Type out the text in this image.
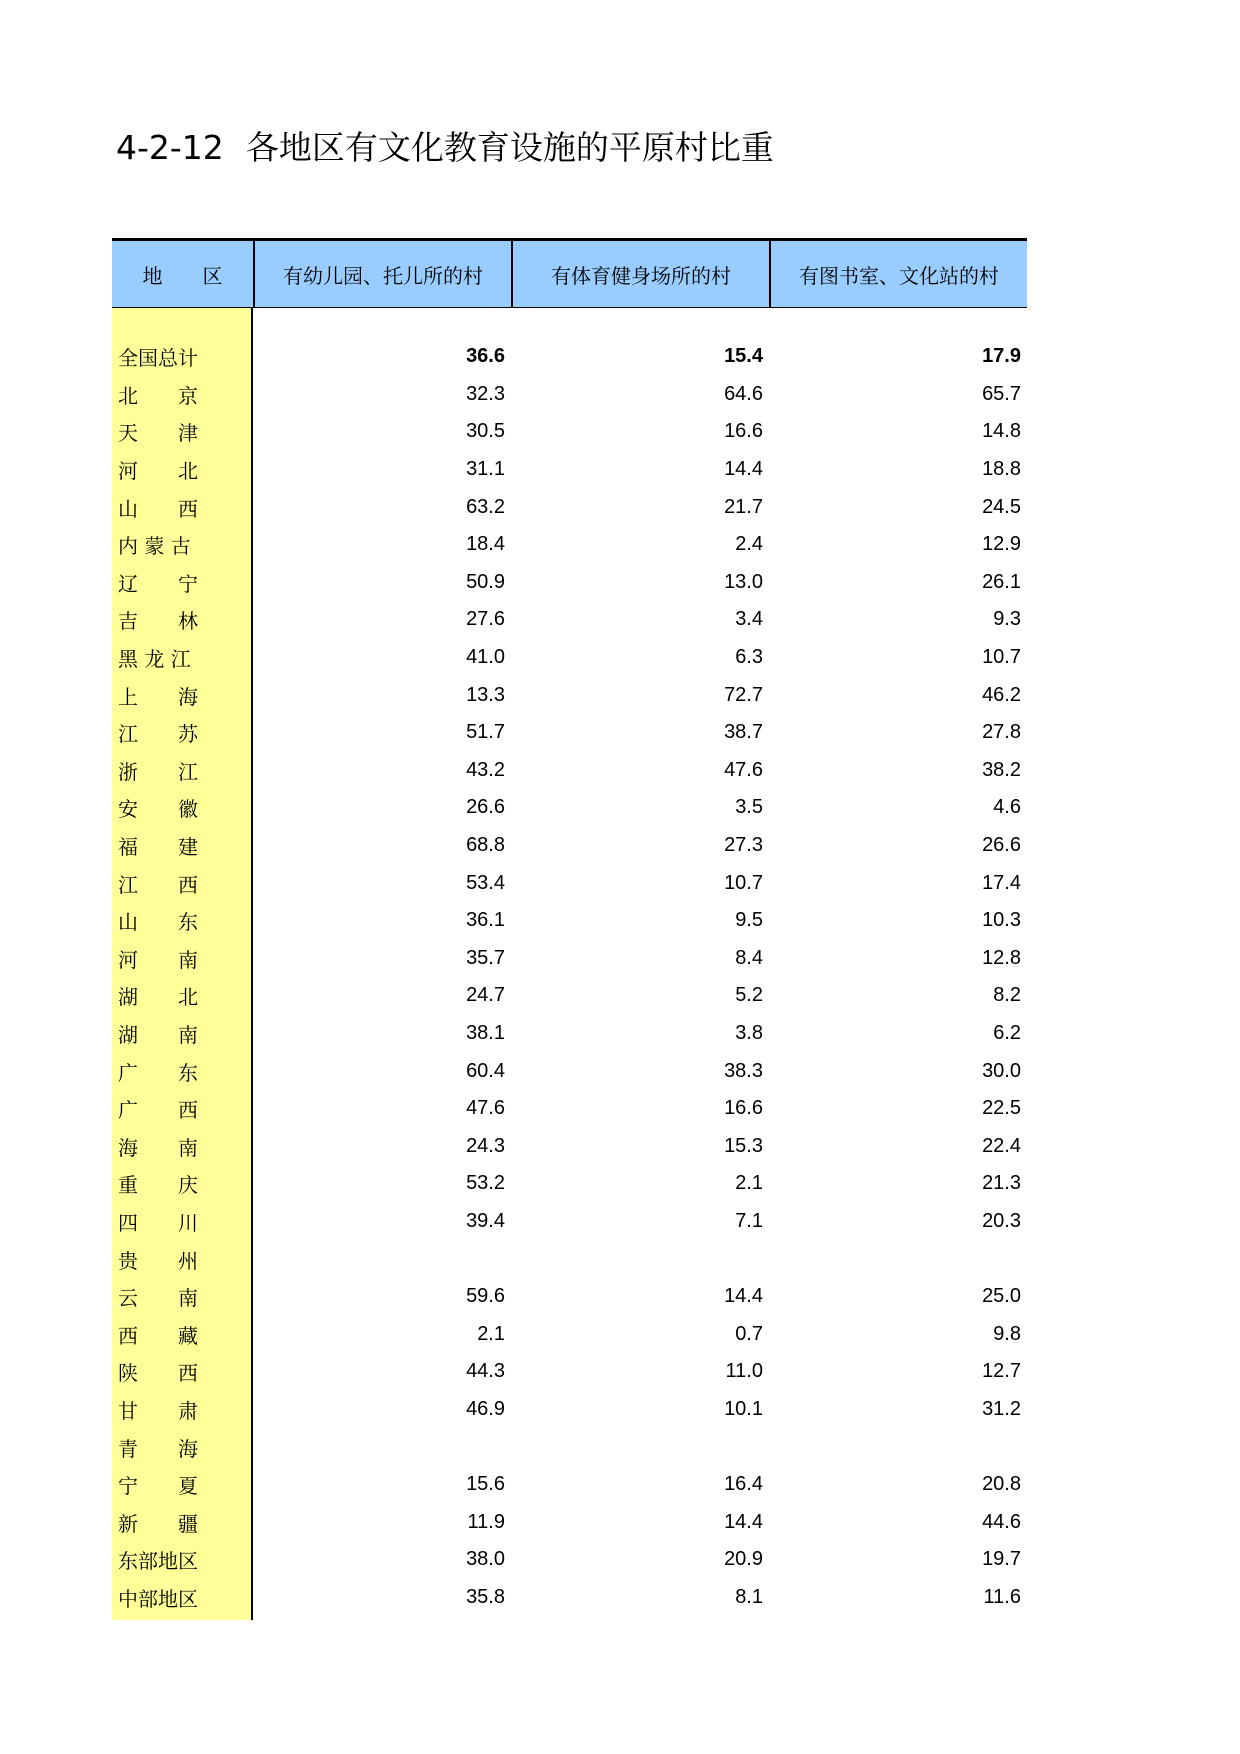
4-2-12 各地区有文化教育设施的平原村比重
地区	有幼儿园、托儿所的村	有体育健身场所的村	有图书室、文化站的村
全国总计	36.6	15.4	17.9
北　　京	32.3	64.6	65.7
天　　津	30.5	16.6	14.8
河　　北	31.1	14.4	18.8
山　　西	63.2	21.7	24.5
内 蒙 古	18.4	2.4	12.9
辽　　宁	50.9	13.0	26.1
吉　　林	27.6	3.4	9.3
黑 龙 江	41.0	6.3	10.7
上　　海	13.3	72.7	46.2
江　　苏	51.7	38.7	27.8
浙　　江	43.2	47.6	38.2
安　　徽	26.6	3.5	4.6
福　　建	68.8	27.3	26.6
江　　西	53.4	10.7	17.4
山　　东	36.1	9.5	10.3
河　　南	35.7	8.4	12.8
湖　　北	24.7	5.2	8.2
湖　　南	38.1	3.8	6.2
广　　东	60.4	38.3	30.0
广　　西	47.6	16.6	22.5
海　　南	24.3	15.3	22.4
重　　庆	53.2	2.1	21.3
四　　川	39.4	7.1	20.3
贵　　州
云　　南	59.6	14.4	25.0
西　　藏	2.1	0.7	9.8
陕　　西	44.3	11.0	12.7
甘　　肃	46.9	10.1	31.2
青　　海
宁　　夏	15.6	16.4	20.8
新　　疆	11.9	14.4	44.6
东部地区	38.0	20.9	19.7
中部地区	35.8	8.1	11.6
